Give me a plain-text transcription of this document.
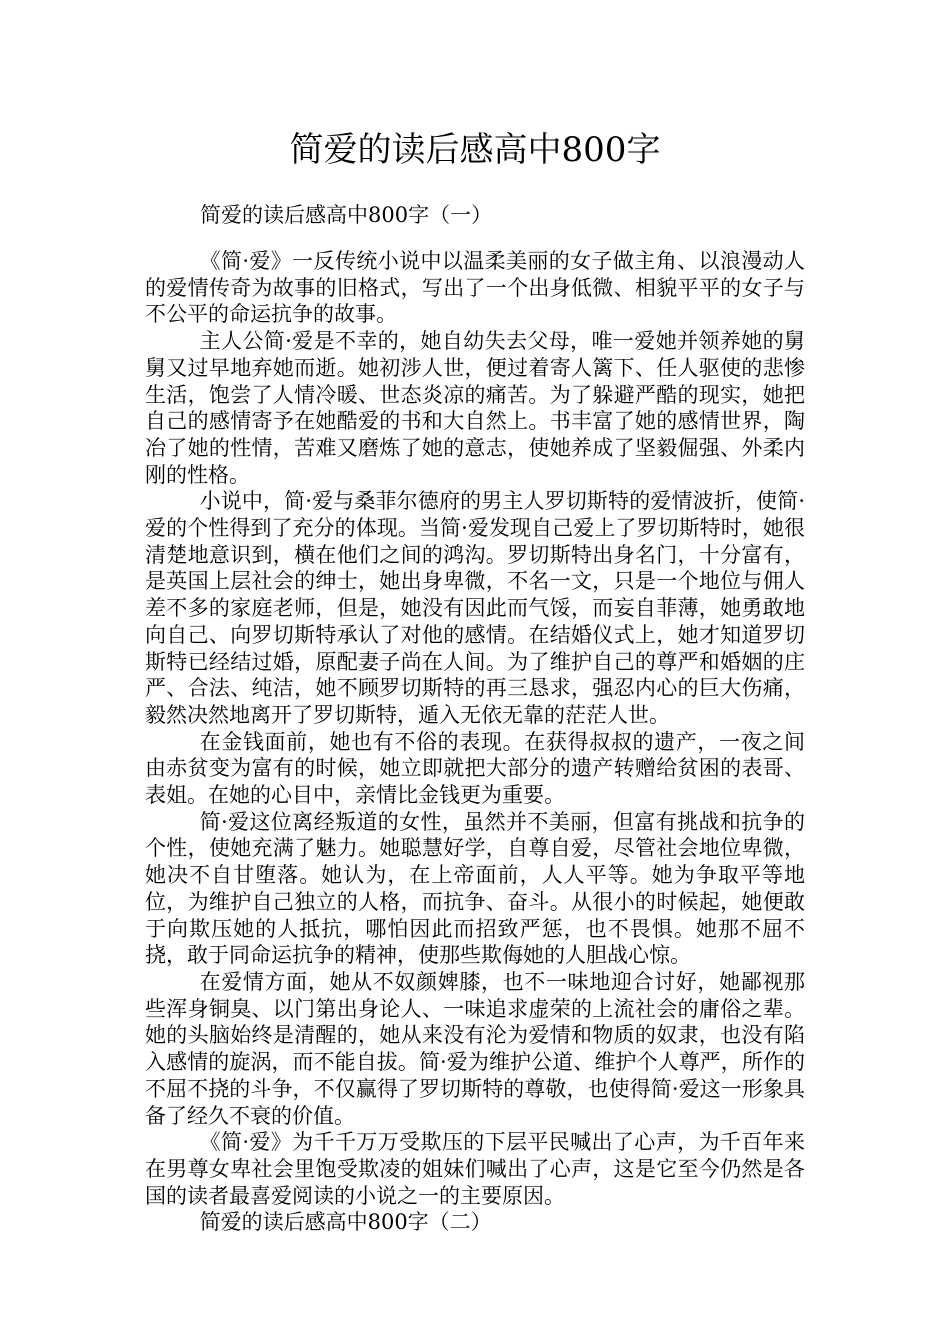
简爱的读后感高中800字

简爱的读后感高中800字（一）

《简·爱》一反传统小说中以温柔美丽的女子做主角、以浪漫动人的爱情传奇为故事的旧格式，写出了一个出身低微、相貌平平的女子与不公平的命运抗争的故事。

主人公简·爱是不幸的，她自幼失去父母，唯一爱她并领养她的舅舅又过早地弃她而逝。她初涉人世，便过着寄人篱下、任人驱使的悲惨生活，饱尝了人情冷暖、世态炎凉的痛苦。为了躲避严酷的现实，她把自己的感情寄予在她酷爱的书和大自然上。书丰富了她的感情世界，陶冶了她的性情，苦难又磨炼了她的意志，使她养成了坚毅倔强、外柔内刚的性格。

小说中，简·爱与桑菲尔德府的男主人罗切斯特的爱情波折，使简·爱的个性得到了充分的体现。当简·爱发现自己爱上了罗切斯特时，她很清楚地意识到，横在他们之间的鸿沟。罗切斯特出身名门，十分富有，是英国上层社会的绅士，她出身卑微，不名一文，只是一个地位与佣人差不多的家庭老师，但是，她没有因此而气馁，而妄自菲薄，她勇敢地向自己、向罗切斯特承认了对他的感情。在结婚仪式上，她才知道罗切斯特已经结过婚，原配妻子尚在人间。为了维护自己的尊严和婚姻的庄严、合法、纯洁，她不顾罗切斯特的再三恳求，强忍内心的巨大伤痛，毅然决然地离开了罗切斯特，遁入无依无靠的茫茫人世。

在金钱面前，她也有不俗的表现。在获得叔叔的遗产，一夜之间由赤贫变为富有的时候，她立即就把大部分的遗产转赠给贫困的表哥、表姐。在她的心目中，亲情比金钱更为重要。

简·爱这位离经叛道的女性，虽然并不美丽，但富有挑战和抗争的个性，使她充满了魅力。她聪慧好学，自尊自爱，尽管社会地位卑微，她决不自甘堕落。她认为，在上帝面前，人人平等。她为争取平等地位，为维护自己独立的人格，而抗争、奋斗。从很小的时候起，她便敢于向欺压她的人抵抗，哪怕因此而招致严惩，也不畏惧。她那不屈不挠，敢于同命运抗争的精神，使那些欺侮她的人胆战心惊。

在爱情方面，她从不奴颜婢膝，也不一味地迎合讨好，她鄙视那些浑身铜臭、以门第出身论人、一味追求虚荣的上流社会的庸俗之辈。她的头脑始终是清醒的，她从来没有沦为爱情和物质的奴隶，也没有陷入感情的旋涡，而不能自拔。简·爱为维护公道、维护个人尊严，所作的不屈不挠的斗争，不仅赢得了罗切斯特的尊敬，也使得简·爱这一形象具备了经久不衰的价值。

《简·爱》为千千万万受欺压的下层平民喊出了心声，为千百年来在男尊女卑社会里饱受欺凌的姐妹们喊出了心声，这是它至今仍然是各国的读者最喜爱阅读的小说之一的主要原因。

简爱的读后感高中800字（二）
